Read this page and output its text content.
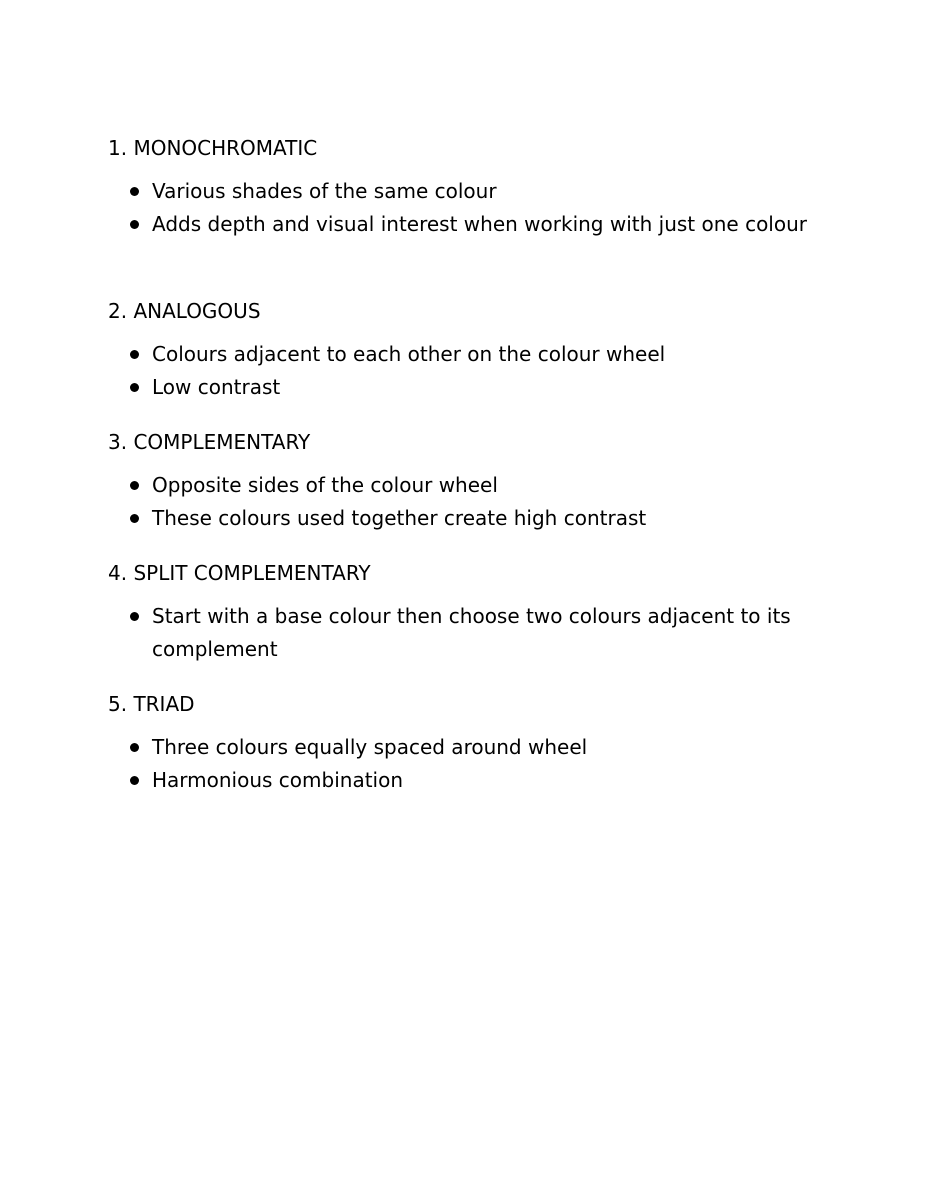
1. MONOCHROMATIC

Various shades of the same colour
Adds depth and visual interest when working with just one colour

2. ANALOGOUS

Colours adjacent to each other on the colour wheel
Low contrast

3. COMPLEMENTARY

Opposite sides of the colour wheel
These colours used together create high contrast

4. SPLIT COMPLEMENTARY

Start with a base colour then choose two colours adjacent to its complement

5. TRIAD

Three colours equally spaced around wheel
Harmonious combination
